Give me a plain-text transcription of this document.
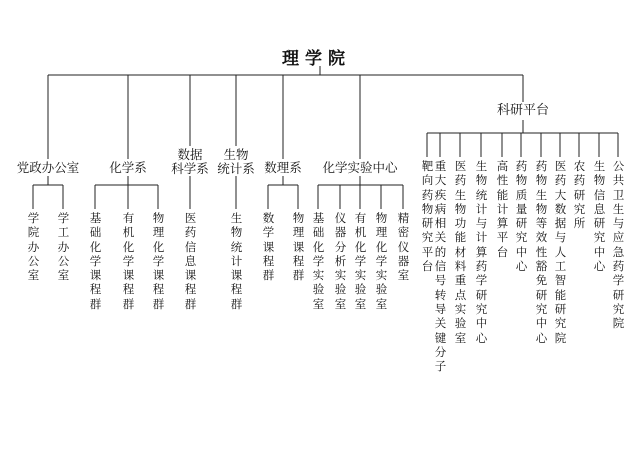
理学院
党政办公室 化学系
数据
科学系
生物
统计系 数理系 化学实验中心
科研平台
学院办公室
学工办公室
基础化学课程群
有机化学课程群
物理化学课程群
医药信息课程群
生物统计课程群
数学课程群
物理课程群
基础化学实验室
仪器分析实验室
有机化学实验室
物理化学实验室
精密仪器室
靶向药物研究平台
重大疾病相关的信号转导关键分子
医药生物功能材料重点实验室
生物统计与计算药学研究中心
高性能计算平台
药物质量研究中心
药物生物等效性豁免研究中心
医药大数据与人工智能研究院
农药研究所
生物信息研究中心
公共卫生与应急药学研究院
